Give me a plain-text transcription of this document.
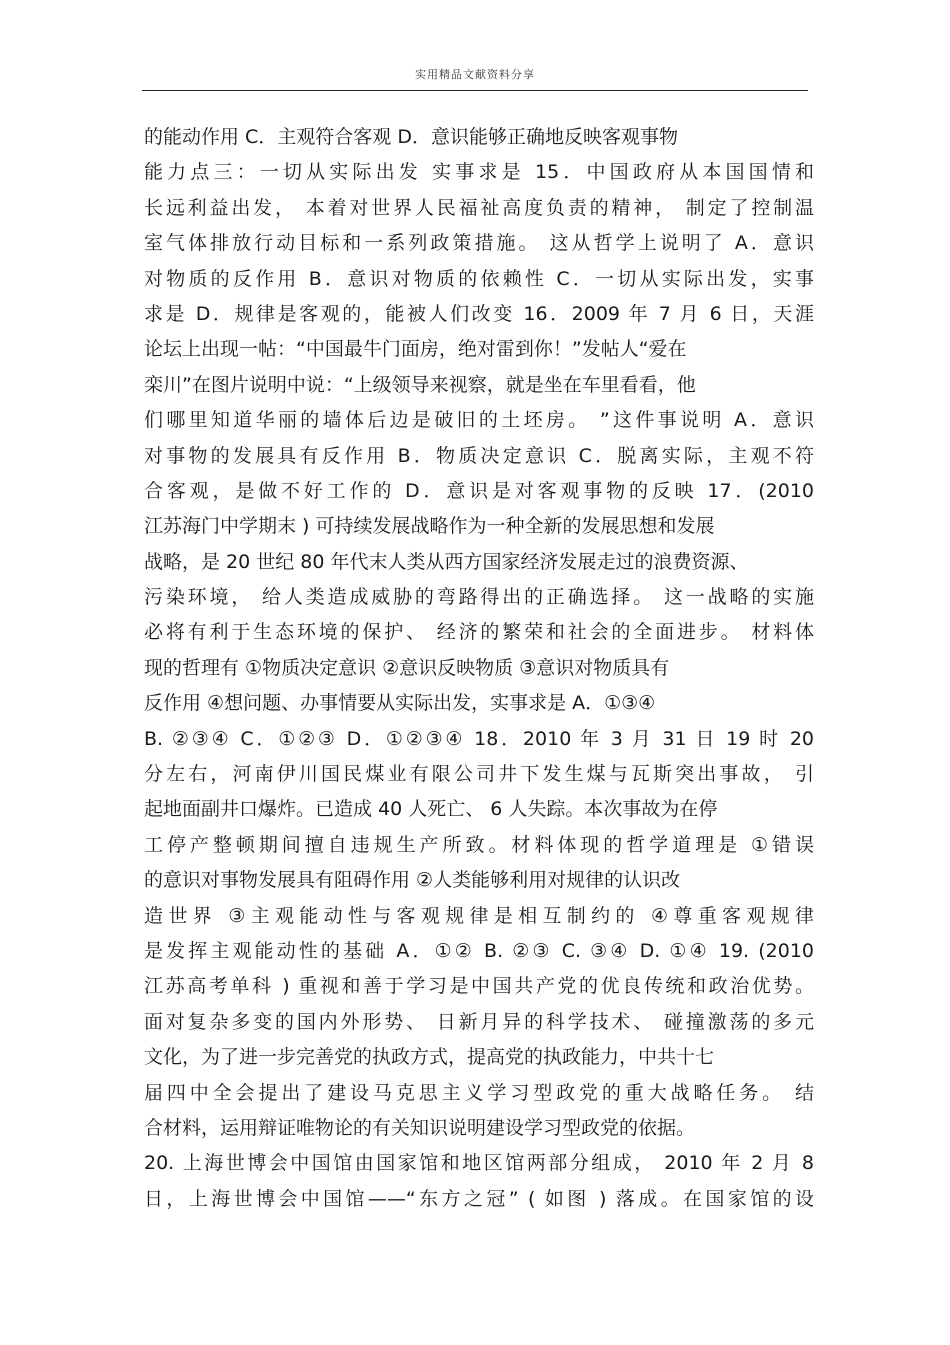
实用精品文献资料分享
的能动作用 C．主观符合客观 D．意识能够正确地反映客观事物
能力点三：一切从实际出发 实事求是 15．中国政府从本国国情和
长远利益出发， 本着对世界人民福祉高度负责的精神， 制定了控制温
室气体排放行动目标和一系列政策措施。 这从哲学上说明了 A．意识
对物质的反作用 B．意识对物质的依赖性 C．一切从实际出发，实事
求是 D．规律是客观的，能被人们改变 16．2009 年 7 月 6 日，天涯
论坛上出现一帖：“中国最牛门面房，绝对雷到你！”发帖人“爱在
栾川”在图片说明中说：“上级领导来视察，就是坐在车里看看，他
们哪里知道华丽的墙体后边是破旧的土坯房。 ”这件事说明 A．意识
对事物的发展具有反作用 B．物质决定意识 C．脱离实际，主观不符
合客观，是做不好工作的 D．意识是对客观事物的反映 17．(2010
江苏海门中学期末 ) 可持续发展战略作为一种全新的发展思想和发展
战略，是 20 世纪 80 年代末人类从西方国家经济发展走过的浪费资源、
污染环境， 给人类造成威胁的弯路得出的正确选择。 这一战略的实施
必将有利于生态环境的保护、 经济的繁荣和社会的全面进步。 材料体
现的哲理有 ①物质决定意识 ②意识反映物质 ③意识对物质具有
反作用 ④想问题、办事情要从实际出发，实事求是 A．①③④
B. ②③④ C．①②③ D．①②③④ 18．2010 年 3 月 31 日 19 时 20
分左右，河南伊川国民煤业有限公司井下发生煤与瓦斯突出事故， 引
起地面副井口爆炸。已造成 40 人死亡、 6 人失踪。本次事故为在停
工停产整顿期间擅自违规生产所致。材料体现的哲学道理是 ①错误
的意识对事物发展具有阻碍作用 ②人类能够利用对规律的认识改
造世界 ③主观能动性与客观规律是相互制约的 ④尊重客观规律
是发挥主观能动性的基础 A．①② B. ②③ C. ③④ D. ①④ 19. (2010
江苏高考单科 ) 重视和善于学习是中国共产党的优良传统和政治优势。
面对复杂多变的国内外形势、 日新月异的科学技术、 碰撞激荡的多元
文化，为了进一步完善党的执政方式，提高党的执政能力，中共十七
届四中全会提出了建设马克思主义学习型政党的重大战略任务。 结
合材料，运用辩证唯物论的有关知识说明建设学习型政党的依据。
20. 上海世博会中国馆由国家馆和地区馆两部分组成， 2010 年 2 月 8
日，上海世博会中国馆——“东方之冠” ( 如图 ) 落成。在国家馆的设
